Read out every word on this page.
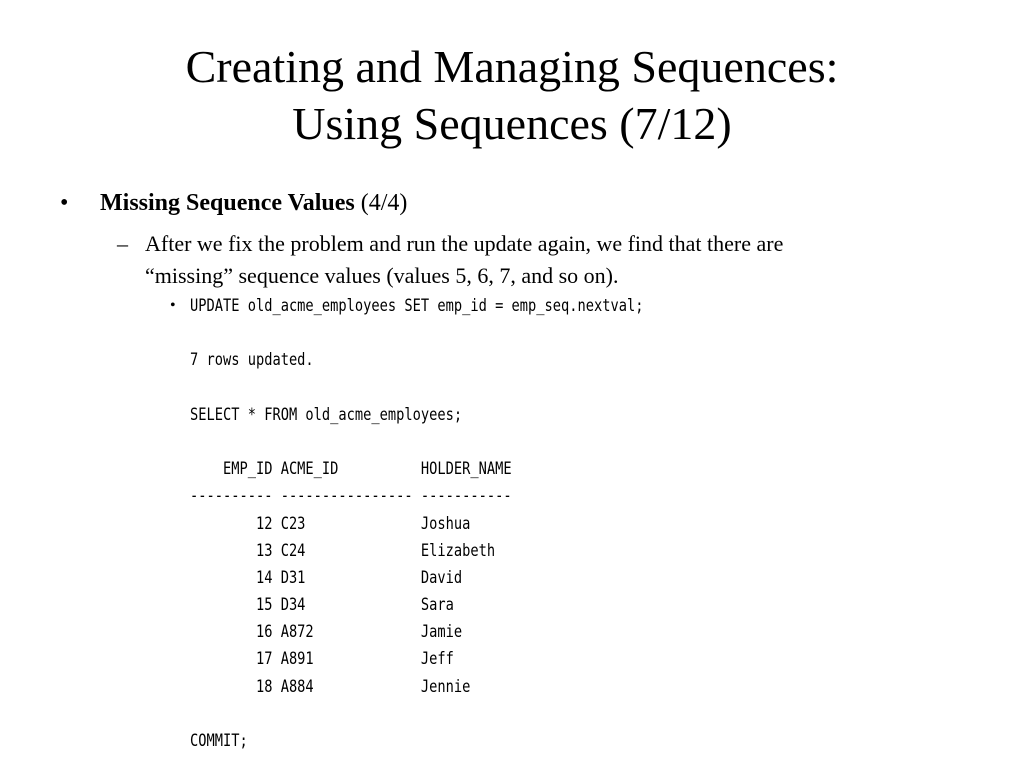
Creating and Managing Sequences:
Using Sequences (7/12)
• Missing Sequence Values (4/4)
– After we fix the problem and run the update again, we find that there are
“missing” sequence values (values 5, 6, 7, and so on).
• UPDATE old_acme_employees SET emp_id = emp_seq.nextval;
7 rows updated.
SELECT * FROM old_acme_employees;
EMP_ID ACME_ID          HOLDER_NAME
---------- ---------------- -----------
12 C23              Joshua
13 C24              Elizabeth
14 D31              David
15 D34              Sara
16 A872             Jamie
17 A891             Jeff
18 A884             Jennie
COMMIT;
